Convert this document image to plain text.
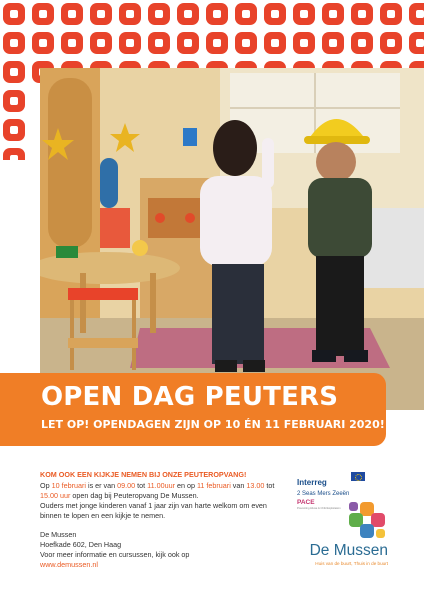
OPEN DAG PEUTERS
LET OP! OPENDAGEN ZIJN OP 10 ÉN 11 FEBRUARI 2020!
KOM OOK EEN KIJKJE NEMEN BIJ ONZE PEUTEROPVANG!
Op 10 februari is er van 09.00 tot 11.00uur en op 11 februari van 13.00 tot 15.00 uur open dag bij Peuteropvang De Mussen.
Ouders met jonge kinderen vanaf 1 jaar zijn van harte welkom om even binnen te lopen en een kijkje te nemen.
De Mussen
Hoefkade 602, Den Haag
Voor meer informatie en cursussen, kijk ook op
www.demussen.nl
Interreg
2 Seas Mers Zeeën
PACE
Preventing Abuse & Child Exploitation
De Mussen
Huis van de buurt, Thuis in de buurt
